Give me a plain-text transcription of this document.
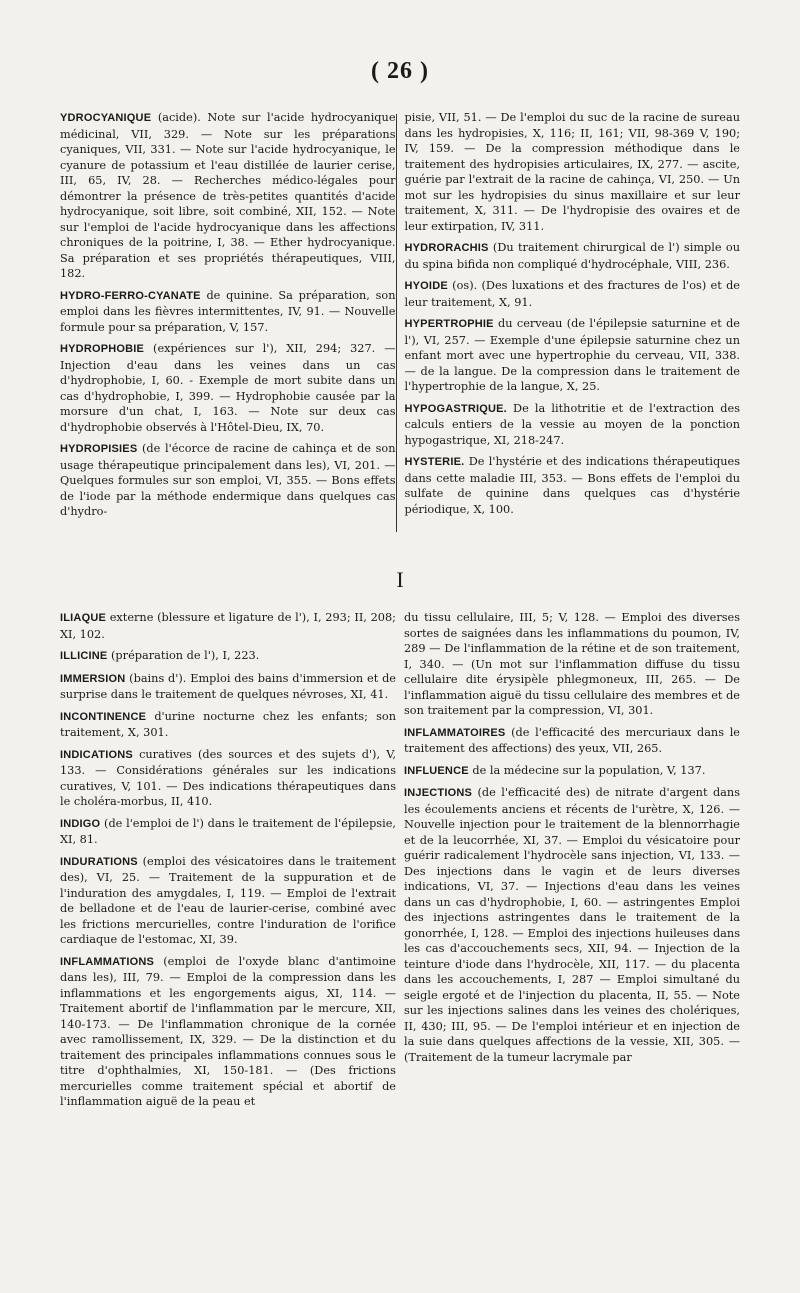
( 26 )

YDROCYANIQUE (acide). Note sur l'acide hydrocyanique médicinal, VII, 329. — Note sur les préparations cyaniques, VII, 331. — Note sur l'acide hydrocyanique, le cyanure de potassium et l'eau distillée de laurier cerise, III, 65, IV, 28. — Recherches médico-légales pour démontrer la présence de très-petites quantités d'acide hydrocyanique, soit libre, soit combiné, XII, 152. — Note sur l'emploi de l'acide hydrocyanique dans les affections chroniques de la poitrine, I, 38. — Ether hydrocyanique. Sa préparation et ses propriétés thérapeutiques, VIII, 182.

HYDRO-FERRO-CYANATE de quinine. Sa préparation, son emploi dans les fièvres intermittentes, IV, 91. — Nouvelle formule pour sa préparation, V, 157.

HYDROPHOBIE (expériences sur l'), XII, 294; 327. — Injection d'eau dans les veines dans un cas d'hydrophobie, I, 60. - Exemple de mort subite dans un cas d'hydrophobie, I, 399. — Hydrophobie causée par la morsure d'un chat, I, 163. — Note sur deux cas d'hydrophobie observés à l'Hôtel-Dieu, IX, 70.

HYDROPISIES (de l'écorce de racine de cahinça et de son usage thérapeutique principalement dans les), VI, 201. — Quelques formules sur son emploi, VI, 355. — Bons effets de l'iode par la méthode endermique dans quelques cas d'hydro-

pisie, VII, 51. — De l'emploi du suc de la racine de sureau dans les hydropisies, X, 116; II, 161; VII, 98-369 V, 190; IV, 159. — De la compression méthodique dans le traitement des hydropisies articulaires, IX, 277. — ascite, guérie par l'extrait de la racine de cahinça, VI, 250. — Un mot sur les hydropisies du sinus maxillaire et sur leur traitement, X, 311. — De l'hydropisie des ovaires et de leur extirpation, IV, 311.

HYDRORACHIS (Du traitement chirurgical de l') simple ou du spina bifida non compliqué d'hydrocéphale, VIII, 236.

HYOIDE (os). (Des luxations et des fractures de l'os) et de leur traitement, X, 91.

HYPERTROPHIE du cerveau (de l'épilepsie saturnine et de l'), VI, 257. — Exemple d'une épilepsie saturnine chez un enfant mort avec une hypertrophie du cerveau, VII, 338. — de la langue. De la compression dans le traitement de l'hypertrophie de la langue, X, 25.

HYPOGASTRIQUE. De la lithotritie et de l'extraction des calculs entiers de la vessie au moyen de la ponction hypogastrique, XI, 218-247.

HYSTERIE. De l'hystérie et des indications thérapeutiques dans cette maladie III, 353. — Bons effets de l'emploi du sulfate de quinine dans quelques cas d'hystérie périodique, X, 100.

I

ILIAQUE externe (blessure et ligature de l'), I, 293; II, 208; XI, 102.

ILLICINE (préparation de l'), I, 223.

IMMERSION (bains d'). Emploi des bains d'immersion et de surprise dans le traitement de quelques névroses, XI, 41.

INCONTINENCE d'urine nocturne chez les enfants; son traitement, X, 301.

INDICATIONS curatives (des sources et des sujets d'), V, 133. — Considérations générales sur les indications curatives, V, 101. — Des indications thérapeutiques dans le choléra-morbus, II, 410.

INDIGO (de l'emploi de l') dans le traitement de l'épilepsie, XI, 81.

INDURATIONS (emploi des vésicatoires dans le traitement des), VI, 25. — Traitement de la suppuration et de l'induration des amygdales, I, 119. — Emploi de l'extrait de belladone et de l'eau de laurier-cerise, combiné avec les frictions mercurielles, contre l'induration de l'orifice cardiaque de l'estomac, XI, 39.

INFLAMMATIONS (emploi de l'oxyde blanc d'antimoine dans les), III, 79. — Emploi de la compression dans les inflammations et les engorgements aigus, XI, 114. — Traitement abortif de l'inflammation par le mercure, XII, 140-173. — De l'inflammation chronique de la cornée avec ramollissement, IX, 329. — De la distinction et du traitement des principales inflammations connues sous le titre d'ophthalmies, XI, 150-181. — (Des frictions mercurielles comme traitement spécial et abortif de l'inflammation aiguë de la peau et

du tissu cellulaire, III, 5; V, 128. — Emploi des diverses sortes de saignées dans les inflammations du poumon, IV, 289 — De l'inflammation de la rétine et de son traitement, I, 340. — (Un mot sur l'inflammation diffuse du tissu cellulaire dite érysipèle phlegmoneux, III, 265. — De l'inflammation aiguë du tissu cellulaire des membres et de son traitement par la compression, VI, 301.

INFLAMMATOIRES (de l'efficacité des mercuriaux dans le traitement des affections) des yeux, VII, 265.

INFLUENCE de la médecine sur la population, V, 137.

INJECTIONS (de l'efficacité des) de nitrate d'argent dans les écoulements anciens et récents de l'urètre, X, 126. — Nouvelle injection pour le traitement de la blennorrhagie et de la leucorrhée, XI, 37. — Emploi du vésicatoire pour guérir radicalement l'hydrocèle sans injection, VI, 133. — Des injections dans le vagin et de leurs diverses indications, VI, 37. — Injections d'eau dans les veines dans un cas d'hydrophobie, I, 60. — astringentes Emploi des injections astringentes dans le traitement de la gonorrhée, I, 128. — Emploi des injections huileuses dans les cas d'accouchements secs, XII, 94. — Injection de la teinture d'iode dans l'hydrocèle, XII, 117. — du placenta dans les accouchements, I, 287 — Emploi simultané du seigle ergoté et de l'injection du placenta, II, 55. — Note sur les injections salines dans les veines des cholériques, II, 430; III, 95. — De l'emploi intérieur et en injection de la suie dans quelques affections de la vessie, XII, 305. — (Traitement de la tumeur lacrymale par
